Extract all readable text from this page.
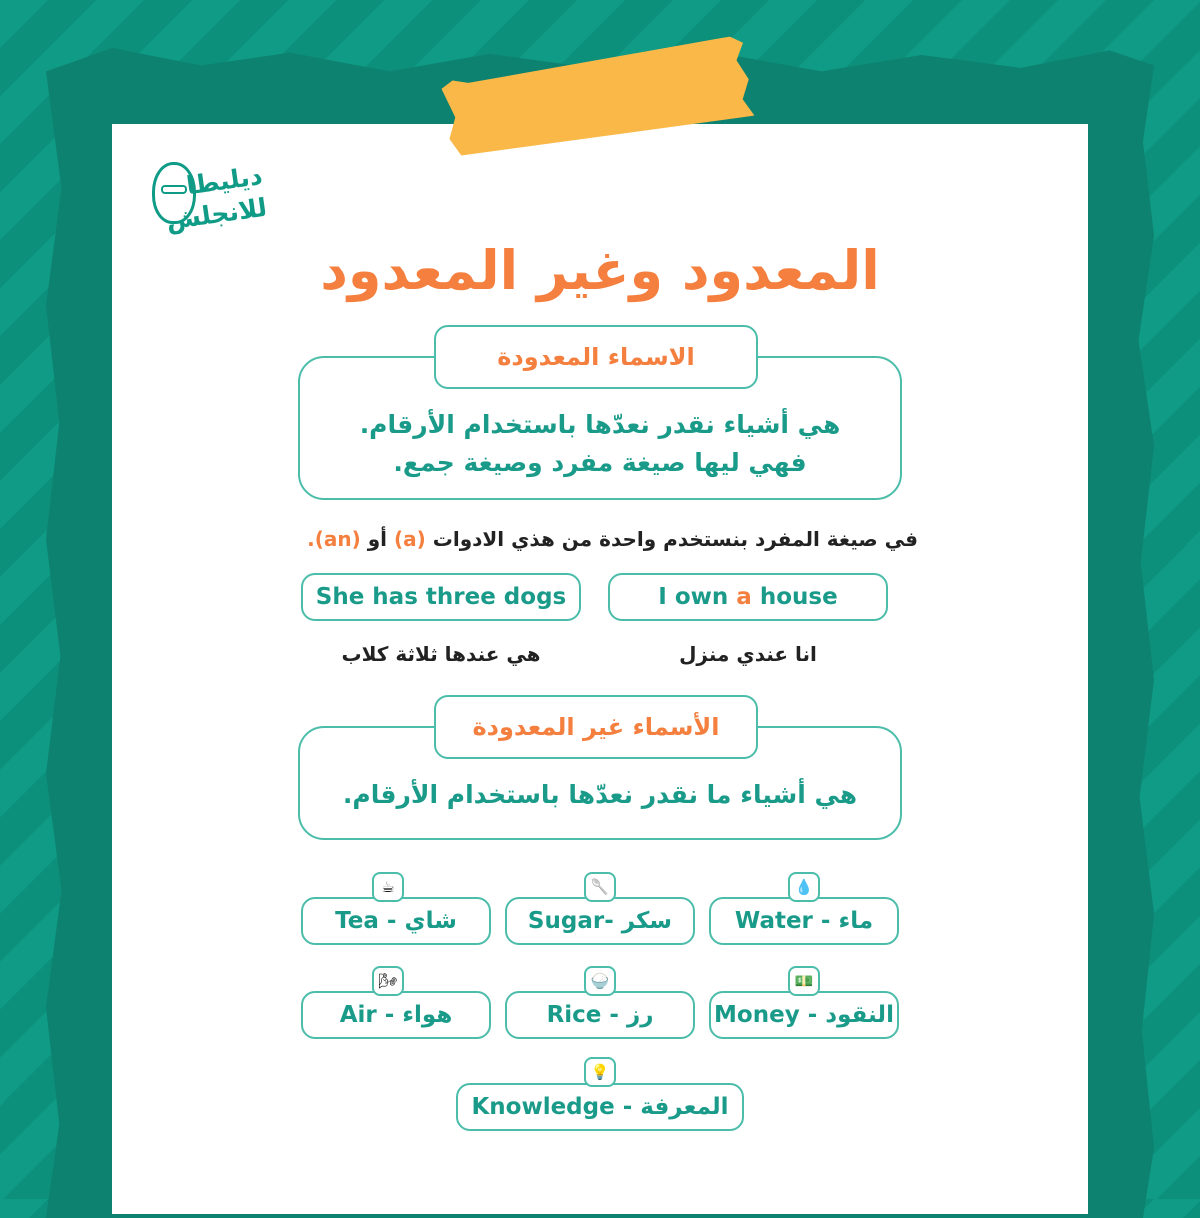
ديليطا
للانجلش
المعدود وغير المعدود
الاسماء المعدودة
هي أشياء نقدر نعدّها باستخدام الأرقام.
فهي ليها صيغة مفرد وصيغة جمع.
في صيغة المفرد بنستخدم واحدة من هذي الادوات (a) أو (an).
I own a house
She has three dogs
انا عندي منزل
هي عندها ثلاثة كلاب
الأسماء غير المعدودة
هي أشياء ما نقدر نعدّها باستخدام الأرقام.
Water - ماء
💧
Sugar- سكر
🥄
Tea - شاي
☕
Money - النقود
💵
Rice - رز
🍚
Air - هواء
🌬
Knowledge - المعرفة
💡
